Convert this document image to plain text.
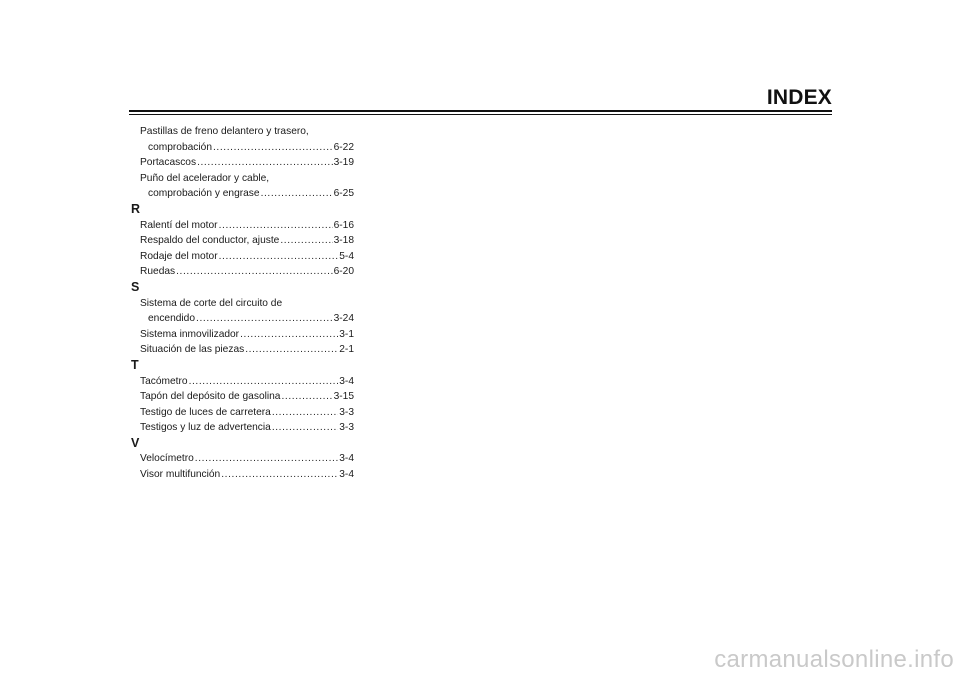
INDEX
Pastillas de freno delantero y trasero,
comprobación .....	6-22
Portacascos .....	3-19
Puño del acelerador y cable,
comprobación y engrase .....	6-25
R
Ralentí del motor .....	6-16
Respaldo del conductor, ajuste .....	3-18
Rodaje del motor .....	5-4
Ruedas .....	6-20
S
Sistema de corte del circuito de
encendido .....	3-24
Sistema inmovilizador .....	3-1
Situación de las piezas .....	2-1
T
Tacómetro .....	3-4
Tapón del depósito de gasolina .....	3-15
Testigo de luces de carretera .....	3-3
Testigos y luz de advertencia .....	3-3
V
Velocímetro .....	3-4
Visor multifunción .....	3-4
carmanualsonline.info
